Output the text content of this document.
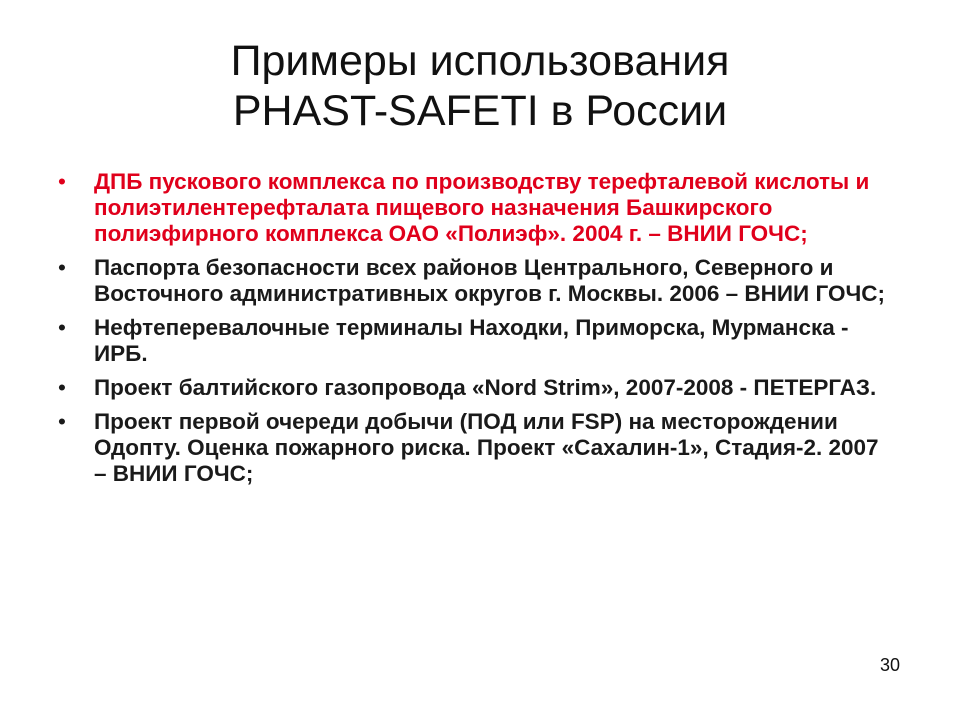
Примеры использования
PHAST-SAFETI в России
•	ДПБ пускового комплекса по производству терефталевой кислоты и полиэтилентерефталата пищевого назначения Башкирского полиэфирного комплекса ОАО «Полиэф». 2004 г. – ВНИИ ГОЧС;
•	Паспорта безопасности всех районов Центрального, Северного и Восточного административных округов г. Москвы. 2006 – ВНИИ ГОЧС;
•	Нефтеперевалочные терминалы Находки, Приморска, Мурманска - ИРБ.
•	Проект балтийского газопровода «Nord Strim», 2007-2008 - ПЕТЕРГАЗ.
•	Проект первой очереди добычи (ПОД или FSP) на месторождении Одопту. Оценка пожарного риска. Проект «Сахалин-1», Стадия-2. 2007 – ВНИИ ГОЧС;
30
